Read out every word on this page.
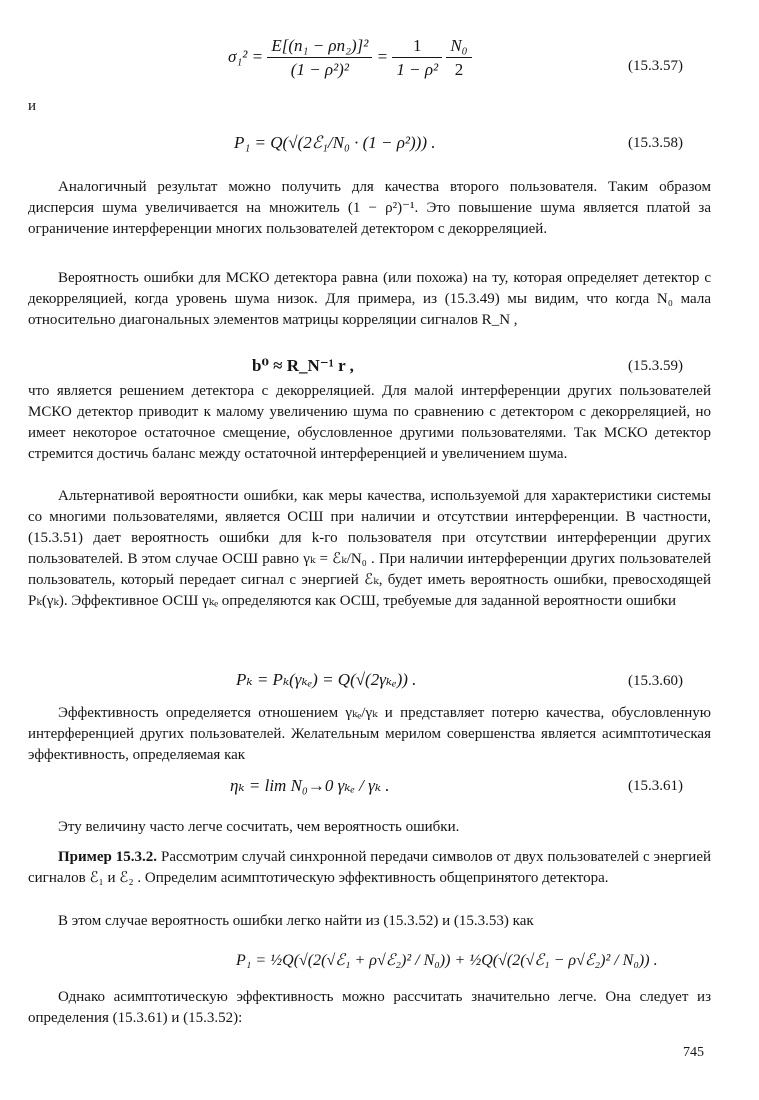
$\sigma_1^2 = \frac{\text{E[(n₁ − ρn₂)]²}}{\text{(1 − ρ²)²}} = \frac{1}{\text{1 − ρ²}}$
$\frac{\text{N₀}}{2}$	(15.3.57)
и
P₁ = Q(√(2ℰ₁/N₀ · (1 − ρ²))) .	(15.3.58)

Аналогичный результат можно получить для качества второго пользователя. Таким образом дисперсия шума увеличивается на множитель (1 − ρ²)⁻¹. Это повышение шума является платой за ограничение интерференции многих пользователей детектором с декорреляцией.

Вероятность ошибки для МСКО детектора равна (или похожа) на ту, которая определяет детектор с декорреляцией, когда уровень шума низок. Для примера, из (15.3.49) мы видим, что когда N₀ мала относительно диагональных элементов матрицы корреляции сигналов R_N ,

b⁰ ≈ R_N⁻¹ r ,	(15.3.59)

что является решением детектора с декорреляцией. Для малой интерференции других пользователей МСКО детектор приводит к малому увеличению шума по сравнению с детектором с декорреляцией, но имеет некоторое остаточное смещение, обусловленное другими пользователями. Так МСКО детектор стремится достичь баланс между остаточной интерференцией и увеличением шума.

Альтернативой вероятности ошибки, как меры качества, используемой для характеристики системы со многими пользователями, является ОСШ при наличии и отсутствии интерференции. В частности, (15.3.51) дает вероятность ошибки для k-го пользователя при отсутствии интерференции других пользователей. В этом случае ОСШ равно γₖ = ℰₖ/N₀ . При наличии интерференции других пользователей пользователь, который передает сигнал с энергией ℰₖ, будет иметь вероятность ошибки, превосходящей Pₖ(γₖ). Эффективное ОСШ γₖₑ определяются как ОСШ, требуемые для заданной вероятности ошибки

Pₖ = Pₖ(γₖₑ) = Q(√(2γₖₑ)) .	(15.3.60)

Эффективность определяется отношением γₖₑ/γₖ и представляет потерю качества, обусловленную интерференцией других пользователей. Желательным мерилом совершенства является асимптотическая эффективность, определяемая как

ηₖ = lim N₀→0 γₖₑ / γₖ .	(15.3.61)

Эту величину часто легче сосчитать, чем вероятность ошибки.

Пример 15.3.2. Рассмотрим случай синхронной передачи символов от двух пользователей с энергией сигналов ℰ₁ и ℰ₂ . Определим асимптотическую эффективность общепринятого детектора.

В этом случае вероятность ошибки легко найти из (15.3.52) и (15.3.53) как

P₁ = ½Q(√(2(√ℰ₁ + ρ√ℰ₂)² / N₀)) + ½Q(√(2(√ℰ₁ − ρ√ℰ₂)² / N₀)) .

Однако асимптотическую эффективность можно рассчитать значительно легче. Она следует из определения (15.3.61) и (15.3.52):

745
